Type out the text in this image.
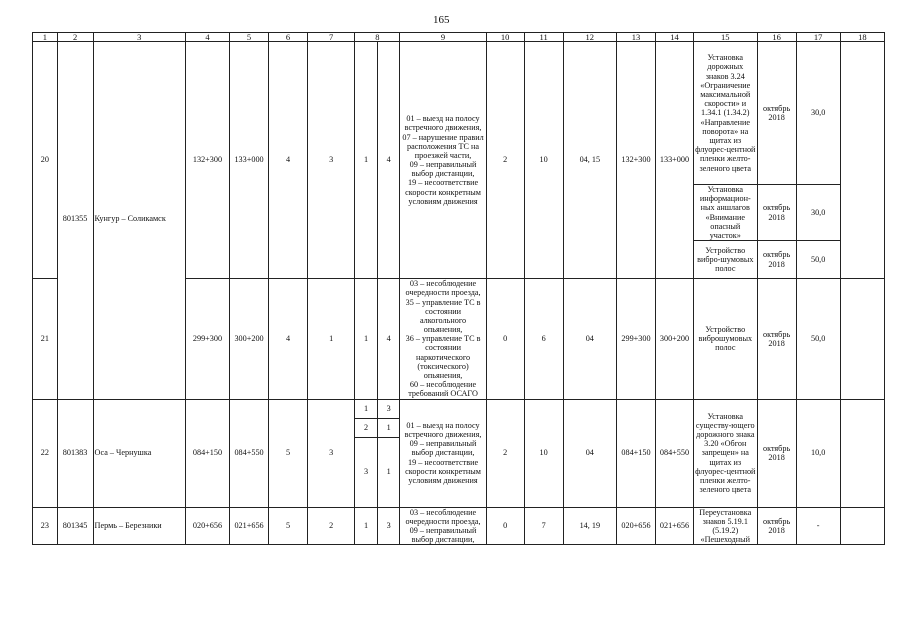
165
1	2	3	4	5	6	7	8		9	10	11	12	13	14	15	16	17	18
20	801355	Кунгур – Соликамск	132+300	133+000	4	3	1	4	01 – выезд на полосу встречного движения,
07 – нарушение правил расположения ТС на проезжей части,
09 – неправильный выбор дистанции,
19 – несоответствие скорости конкретным условиям движения	2	10	04, 15	132+300	133+000	Установка дорожных знаков 3.24 «Ограничение максимальной скорости» и 1.34.1 (1.34.2) «Направление поворота» на щитах из флуорес-центной пленки желто-зеленого цвета	октябрь 2018	30,0	
															Установка информацион-ных аншлагов «Внимание опасный участок»	октябрь 2018	30,0	
															Устройство вибро-шумовых полос	октябрь 2018	50,0	
21			299+300	300+200	4	1	1	4	03 – несоблюдение очередности проезда,
35 – управление ТС в состоянии алкогольного опьянения,
36 – управление ТС в состоянии наркотического (токсического) опьянения,
60 – несоблюдение требований ОСАГО	0	6	04	299+300	300+200	Устройство виброшумовых полос	октябрь 2018	50,0	
22	801383	Оса – Чернушка	084+150	084+550	5	3	1	3	01 – выезд на полосу встречного движения,
09 – неправильный выбор дистанции,
19 – несоответствие скорости конкретным условиям движения	2	10	04	084+150	084+550	Установка существу-ющего дорожного знака 3.20 «Обгон запрещен» на щитах из флуорес-центной пленки желто-зеленого цвета	октябрь 2018	10,0	
							2	1										
							3	1										
23	801345	Пермь – Березники	020+656	021+656	5	2	1	3	03 – несоблюдение очередности проезда,
09 – неправильный выбор дистанции,	0	7	14, 19	020+656	021+656	Переустановка знаков 5.19.1 (5.19.2) «Пешеходный	октябрь 2018	-	
